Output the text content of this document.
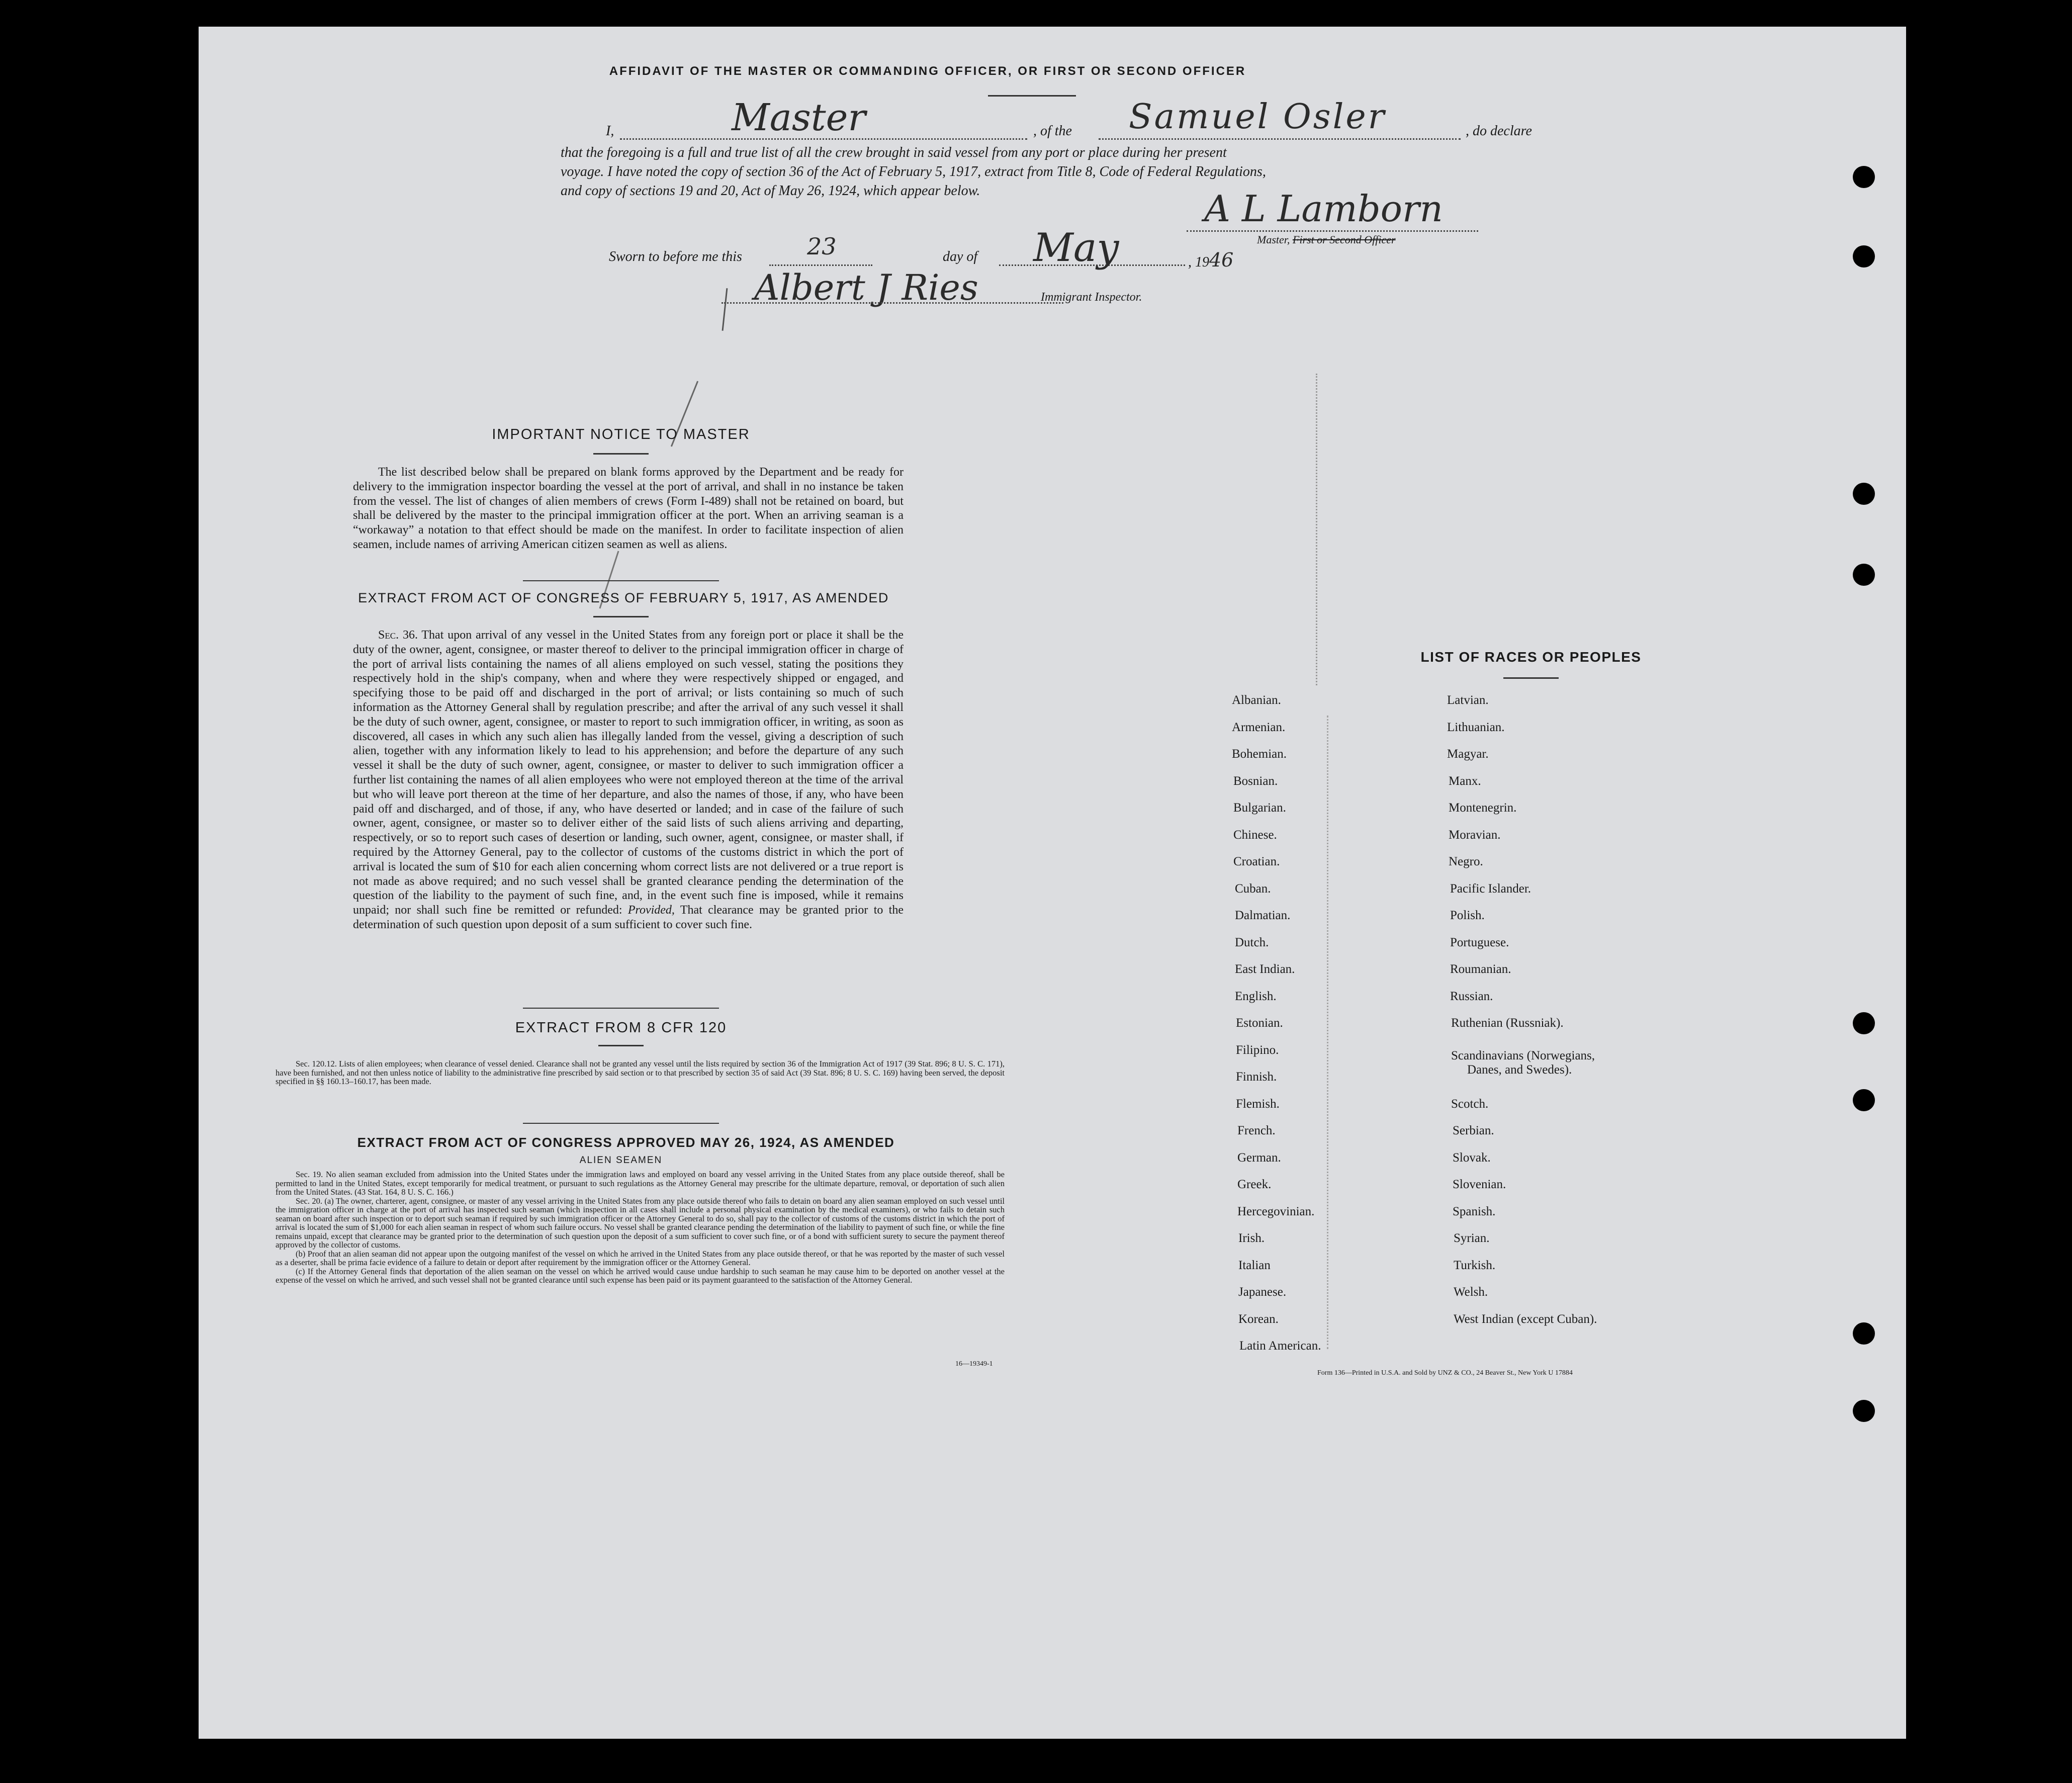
AFFIDAVIT OF THE MASTER OR COMMANDING OFFICER, OR FIRST OR SECOND OFFICER
I,	Master	, of the Samuel Osler	, do declare
that the foregoing is a full and true list of all the crew brought in said vessel from any port or place during her present
voyage. I have noted the copy of section 36 of the Act of February 5, 1917, extract from Title 8, Code of Federal Regulations,
and copy of sections 19 and 20, Act of May 26, 1924, which appear below.	A L Lamborn
Master, First or Second Officer
Sworn to before me this	23	day of May	, 1946
Albert J Ries	Immigrant Inspector.
IMPORTANT NOTICE TO MASTER
The list described below shall be prepared on blank forms approved by the Department and be ready for delivery to the immigration inspector boarding the vessel at the port of arrival, and shall in no instance be taken from the vessel. The list of changes of alien members of crews (Form I-489) shall not be retained on board, but shall be delivered by the master to the principal immigration officer at the port. When an arriving seaman is a “workaway” a notation to that effect should be made on the manifest. In order to facilitate inspection of alien seamen, include names of arriving American citizen seamen as well as aliens.
EXTRACT FROM ACT OF CONGRESS OF FEBRUARY 5, 1917, AS AMENDED
Sec. 36. That upon arrival of any vessel in the United States from any foreign port or place it shall be the duty of the owner, agent, consignee, or master thereof to deliver to the principal immigration officer in charge of the port of arrival lists containing the names of all aliens employed on such vessel, stating the positions they respectively hold in the ship's company, when and where they were respectively shipped or engaged, and specifying those to be paid off and discharged in the port of arrival; or lists containing so much of such information as the Attorney General shall by regulation prescribe; and after the arrival of any such vessel it shall be the duty of such owner, agent, consignee, or master to report to such immigration officer, in writing, as soon as discovered, all cases in which any such alien has illegally landed from the vessel, giving a description of such alien, together with any information likely to lead to his apprehension; and before the departure of any such vessel it shall be the duty of such owner, agent, consignee, or master to deliver to such immigration officer a further list containing the names of all alien employees who were not employed thereon at the time of the arrival but who will leave port thereon at the time of her departure, and also the names of those, if any, who have been paid off and discharged, and of those, if any, who have deserted or landed; and in case of the failure of such owner, agent, consignee, or master so to deliver either of the said lists of such aliens arriving and departing, respectively, or so to report such cases of desertion or landing, such owner, agent, consignee, or master shall, if required by the Attorney General, pay to the collector of customs of the customs district in which the port of arrival is located the sum of $10 for each alien concerning whom correct lists are not delivered or a true report is not made as above required; and no such vessel shall be granted clearance pending the determination of the question of the liability to the payment of such fine, and, in the event such fine is imposed, while it remains unpaid; nor shall such fine be remitted or refunded: Provided, That clearance may be granted prior to the determination of such question upon deposit of a sum sufficient to cover such fine.
EXTRACT FROM 8 CFR 120
Sec. 120.12. Lists of alien employees; when clearance of vessel denied. Clearance shall not be granted any vessel until the lists required by section 36 of the Immigration Act of 1917 (39 Stat. 896; 8 U. S. C. 171), have been furnished, and not then unless notice of liability to the administrative fine prescribed by said section or to that prescribed by section 35 of said Act (39 Stat. 896; 8 U. S. C. 169) having been served, the deposit specified in §§ 160.13–160.17, has been made.
EXTRACT FROM ACT OF CONGRESS APPROVED MAY 26, 1924, AS AMENDED
ALIEN SEAMEN
Sec. 19. No alien seaman excluded from admission into the United States under the immigration laws and employed on board any vessel arriving in the United States from any place outside thereof, shall be permitted to land in the United States, except temporarily for medical treatment, or pursuant to such regulations as the Attorney General may prescribe for the ultimate departure, removal, or deportation of such alien from the United States. (43 Stat. 164, 8 U. S. C. 166.)
Sec. 20. (a) The owner, charterer, agent, consignee, or master of any vessel arriving in the United States from any place outside thereof who fails to detain on board any alien seaman employed on such vessel until the immigration officer in charge at the port of arrival has inspected such seaman (which inspection in all cases shall include a personal physical examination by the medical examiners), or who fails to detain such seaman on board after such inspection or to deport such seaman if required by such immigration officer or the Attorney General to do so, shall pay to the collector of customs of the customs district in which the port of arrival is located the sum of $1,000 for each alien seaman in respect of whom such failure occurs. No vessel shall be granted clearance pending the determination of the liability to payment of such fine, or while the fine remains unpaid, except that clearance may be granted prior to the determination of such question upon the deposit of a sum sufficient to cover such fine, or of a bond with sufficient surety to secure the payment thereof approved by the collector of customs.
(b) Proof that an alien seaman did not appear upon the outgoing manifest of the vessel on which he arrived in the United States from any place outside thereof, or that he was reported by the master of such vessel as a deserter, shall be prima facie evidence of a failure to detain or deport after requirement by the immigration officer or the Attorney General.
(c) If the Attorney General finds that deportation of the alien seaman on the vessel on which he arrived would cause undue hardship to such seaman he may cause him to be deported on another vessel at the expense of the vessel on which he arrived, and such vessel shall not be granted clearance until such expense has been paid or its payment guaranteed to the satisfaction of the Attorney General.
16—19349-1
LIST OF RACES OR PEOPLES
Albanian.
Armenian.
Bohemian.
Bosnian.
Bulgarian.
Chinese.
Croatian.
Cuban.
Dalmatian.
Dutch.
East Indian.
English.
Estonian.
Filipino.
Finnish.
Flemish.
French.
German.
Greek.
Hercegovinian.
Irish.
Italian
Japanese.
Korean.
Latin American.
Latvian.
Lithuanian.
Magyar.
Manx.
Montenegrin.
Moravian.
Negro.
Pacific Islander.
Polish.
Portuguese.
Roumanian.
Russian.
Ruthenian (Russniak).
Scandinavians (Norwegians,
Danes, and Swedes).
Scotch.
Serbian.
Slovak.
Slovenian.
Spanish.
Syrian.
Turkish.
Welsh.
West Indian (except Cuban).
Form 136—Printed in U.S.A. and Sold by UNZ & CO., 24 Beaver St., New York U 17884
